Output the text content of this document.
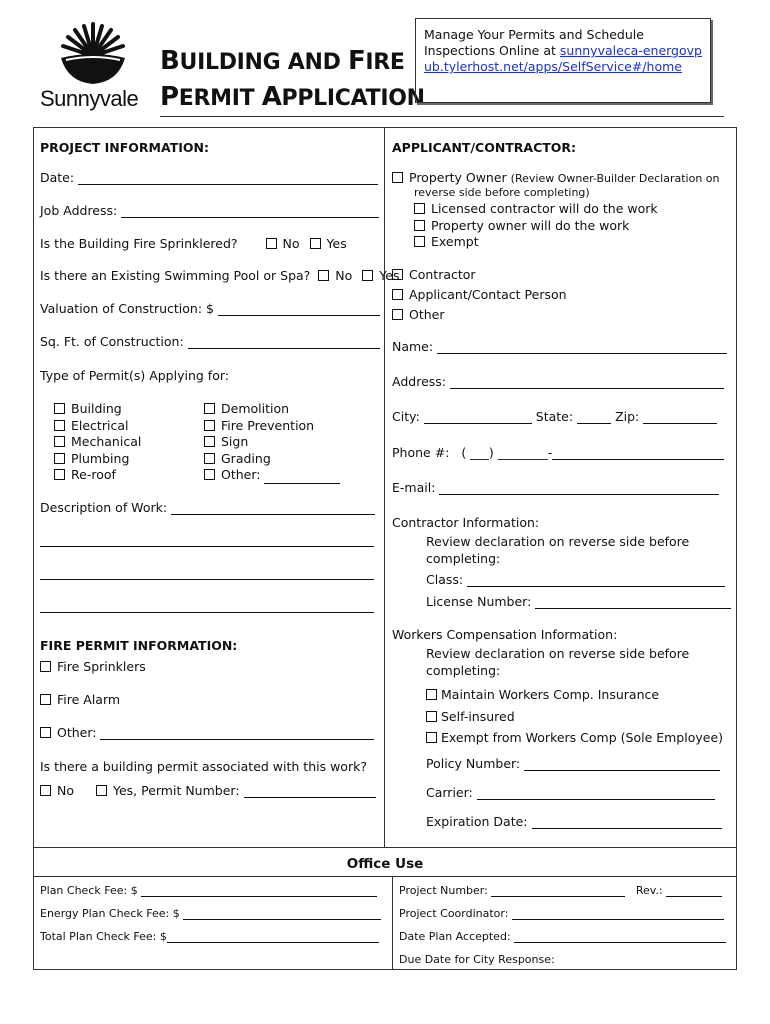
Sunnyvale
BUILDING AND FIRE
PERMIT APPLICATION
Manage Your Permits and Schedule Inspections Online at sunnyvaleca-energovpub.tylerhost.net/apps/SelfService#/home
PROJECT INFORMATION:
Date:
Job Address:
Is the Building Fire Sprinklered?	No Yes
Is there an Existing Swimming Pool or Spa? No Yes
Valuation of Construction: $
Sq. Ft. of Construction:
Type of Permit(s) Applying for:
Building
Electrical
Mechanical
Plumbing
Re-roof
Demolition
Fire Prevention
Sign
Grading
Other:
Description of Work:
FIRE PERMIT INFORMATION:
Fire Sprinklers
Fire Alarm
Other:
Is there a building permit associated with this work?
No	Yes, Permit Number:
APPLICANT/CONTRACTOR:
Property Owner (Review Owner-Builder Declaration on
reverse side before completing)
Licensed contractor will do the work
Property owner will do the work
Exempt
Contractor
Applicant/Contact Person
Other
Name:
Address:
City:	State:	Zip:
Phone #: ( ___) ________-
E-mail:
Contractor Information:
Review declaration on reverse side before
completing:
Class:
License Number:
Workers Compensation Information:
Review declaration on reverse side before
completing:
Maintain Workers Comp. Insurance
Self-insured
Exempt from Workers Comp (Sole Employee)
Policy Number:
Carrier:
Expiration Date:
Office Use
Plan Check Fee: $
Energy Plan Check Fee: $
Total Plan Check Fee: $
Project Number:	Rev.:
Project Coordinator:
Date Plan Accepted:
Due Date for City Response:
